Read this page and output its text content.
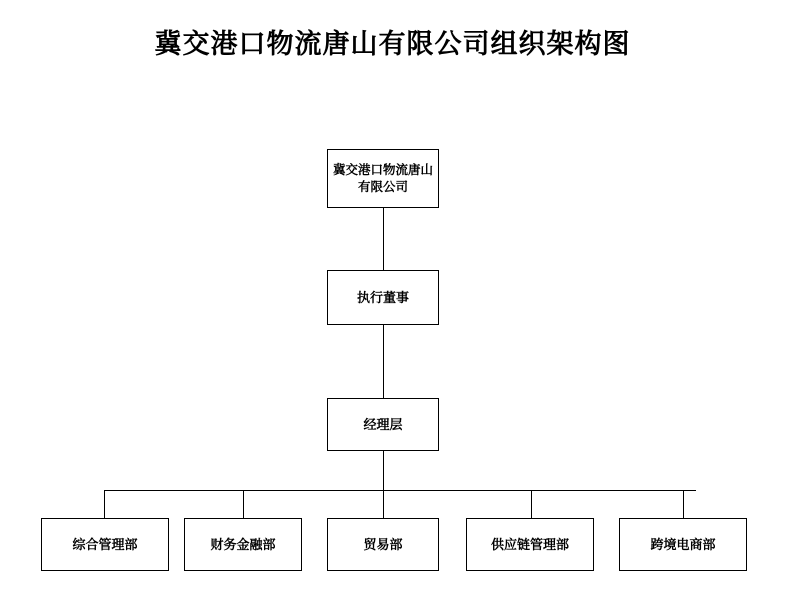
冀交港口物流唐山有限公司组织架构图
冀交港口物流唐山有限公司
执行董事
经理层
综合管理部	财务金融部	贸易部	供应链管理部	跨境电商部
